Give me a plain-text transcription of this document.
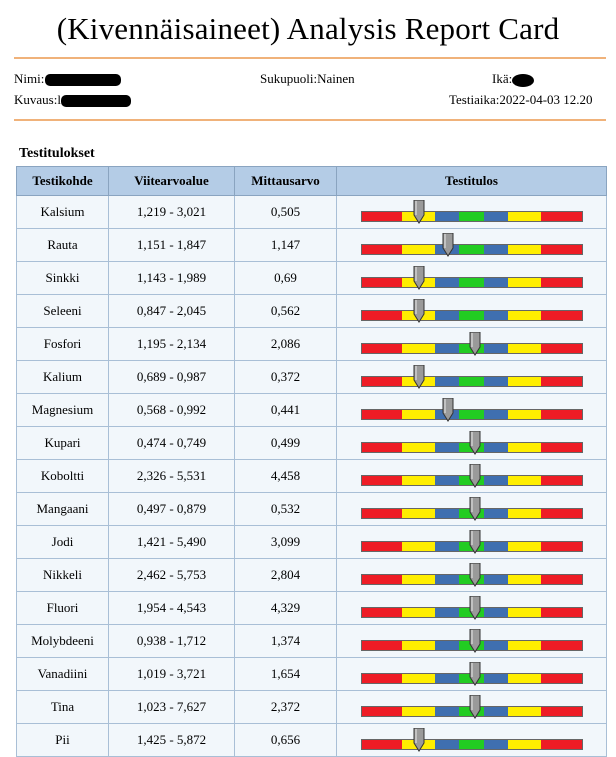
(Kivennäisaineet) Analysis Report Card
Nimi:	Sukupuoli:Nainen	Ikä:
Kuvaus:l	Testiaika:2022-04-03 12.20
Testitulokset
Testikohde	Viitearvoalue	Mittausarvo	Testitulos
Kalsium	1,219 - 3,021	0,505	

Rauta	1,151 - 1,847	1,147	

Sinkki	1,143 - 1,989	0,69	

Seleeni	0,847 - 2,045	0,562	

Fosfori	1,195 - 2,134	2,086	

Kalium	0,689 - 0,987	0,372	

Magnesium	0,568 - 0,992	0,441	

Kupari	0,474 - 0,749	0,499	

Koboltti	2,326 - 5,531	4,458	

Mangaani	0,497 - 0,879	0,532	

Jodi	1,421 - 5,490	3,099	

Nikkeli	2,462 - 5,753	2,804	

Fluori	1,954 - 4,543	4,329	

Molybdeeni	0,938 - 1,712	1,374	

Vanadiini	1,019 - 3,721	1,654	

Tina	1,023 - 7,627	2,372	

Pii	1,425 - 5,872	0,656	
